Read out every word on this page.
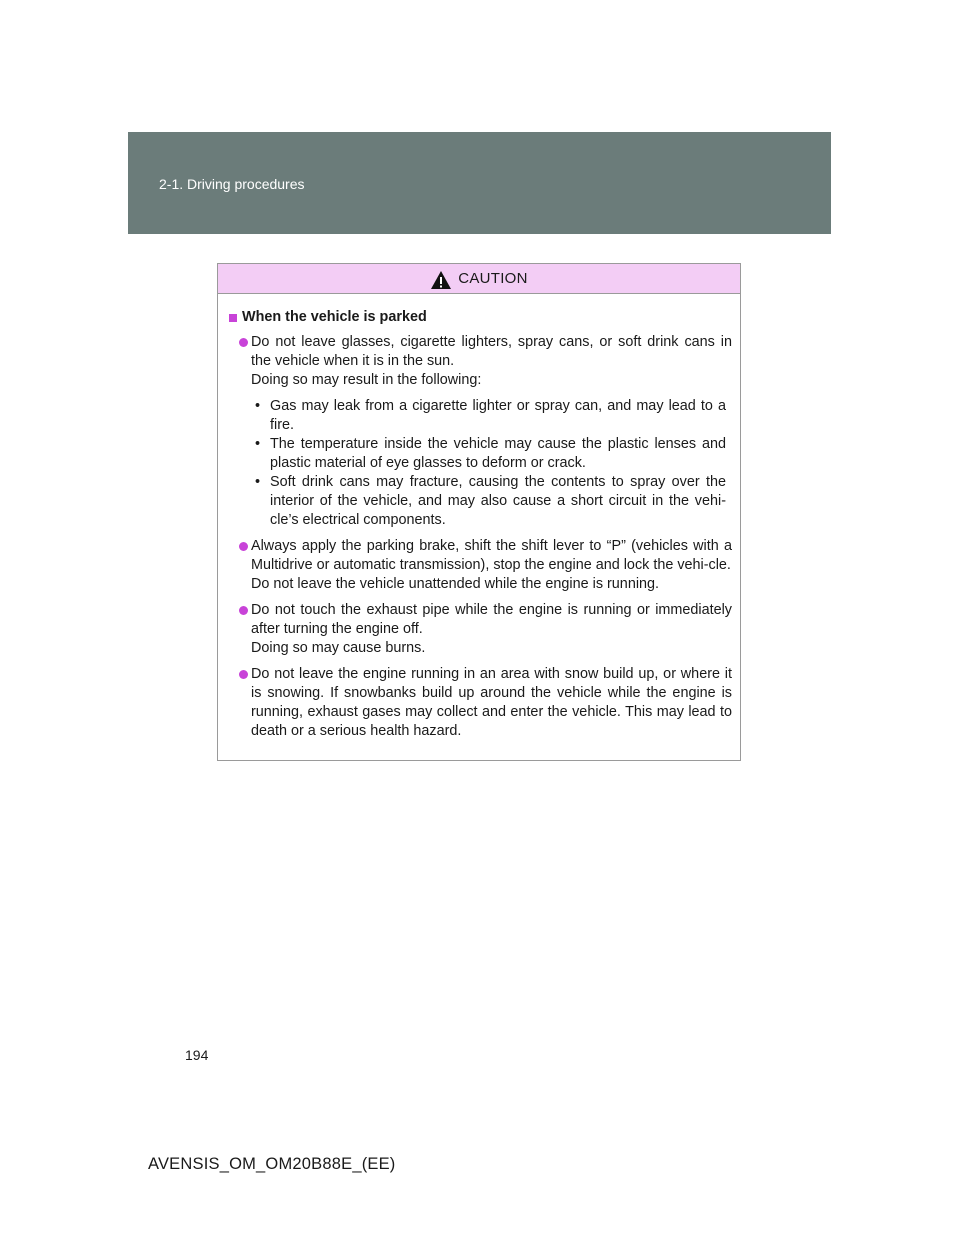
2-1. Driving procedures
CAUTION
When the vehicle is parked
Do not leave glasses, cigarette lighters, spray cans, or soft drink cans in the vehicle when it is in the sun.
Doing so may result in the following:
• Gas may leak from a cigarette lighter or spray can, and may lead to a fire.
• The temperature inside the vehicle may cause the plastic lenses and plastic material of eye glasses to deform or crack.
• Soft drink cans may fracture, causing the contents to spray over the interior of the vehicle, and may also cause a short circuit in the vehi-cle’s electrical components.
Always apply the parking brake, shift the shift lever to “P” (vehicles with a Multidrive or automatic transmission), stop the engine and lock the vehi-cle.
Do not leave the vehicle unattended while the engine is running.
Do not touch the exhaust pipe while the engine is running or immediately after turning the engine off.
Doing so may cause burns.
Do not leave the engine running in an area with snow build up, or where it is snowing. If snowbanks build up around the vehicle while the engine is running, exhaust gases may collect and enter the vehicle. This may lead to death or a serious health hazard.
194
AVENSIS_OM_OM20B88E_(EE)
